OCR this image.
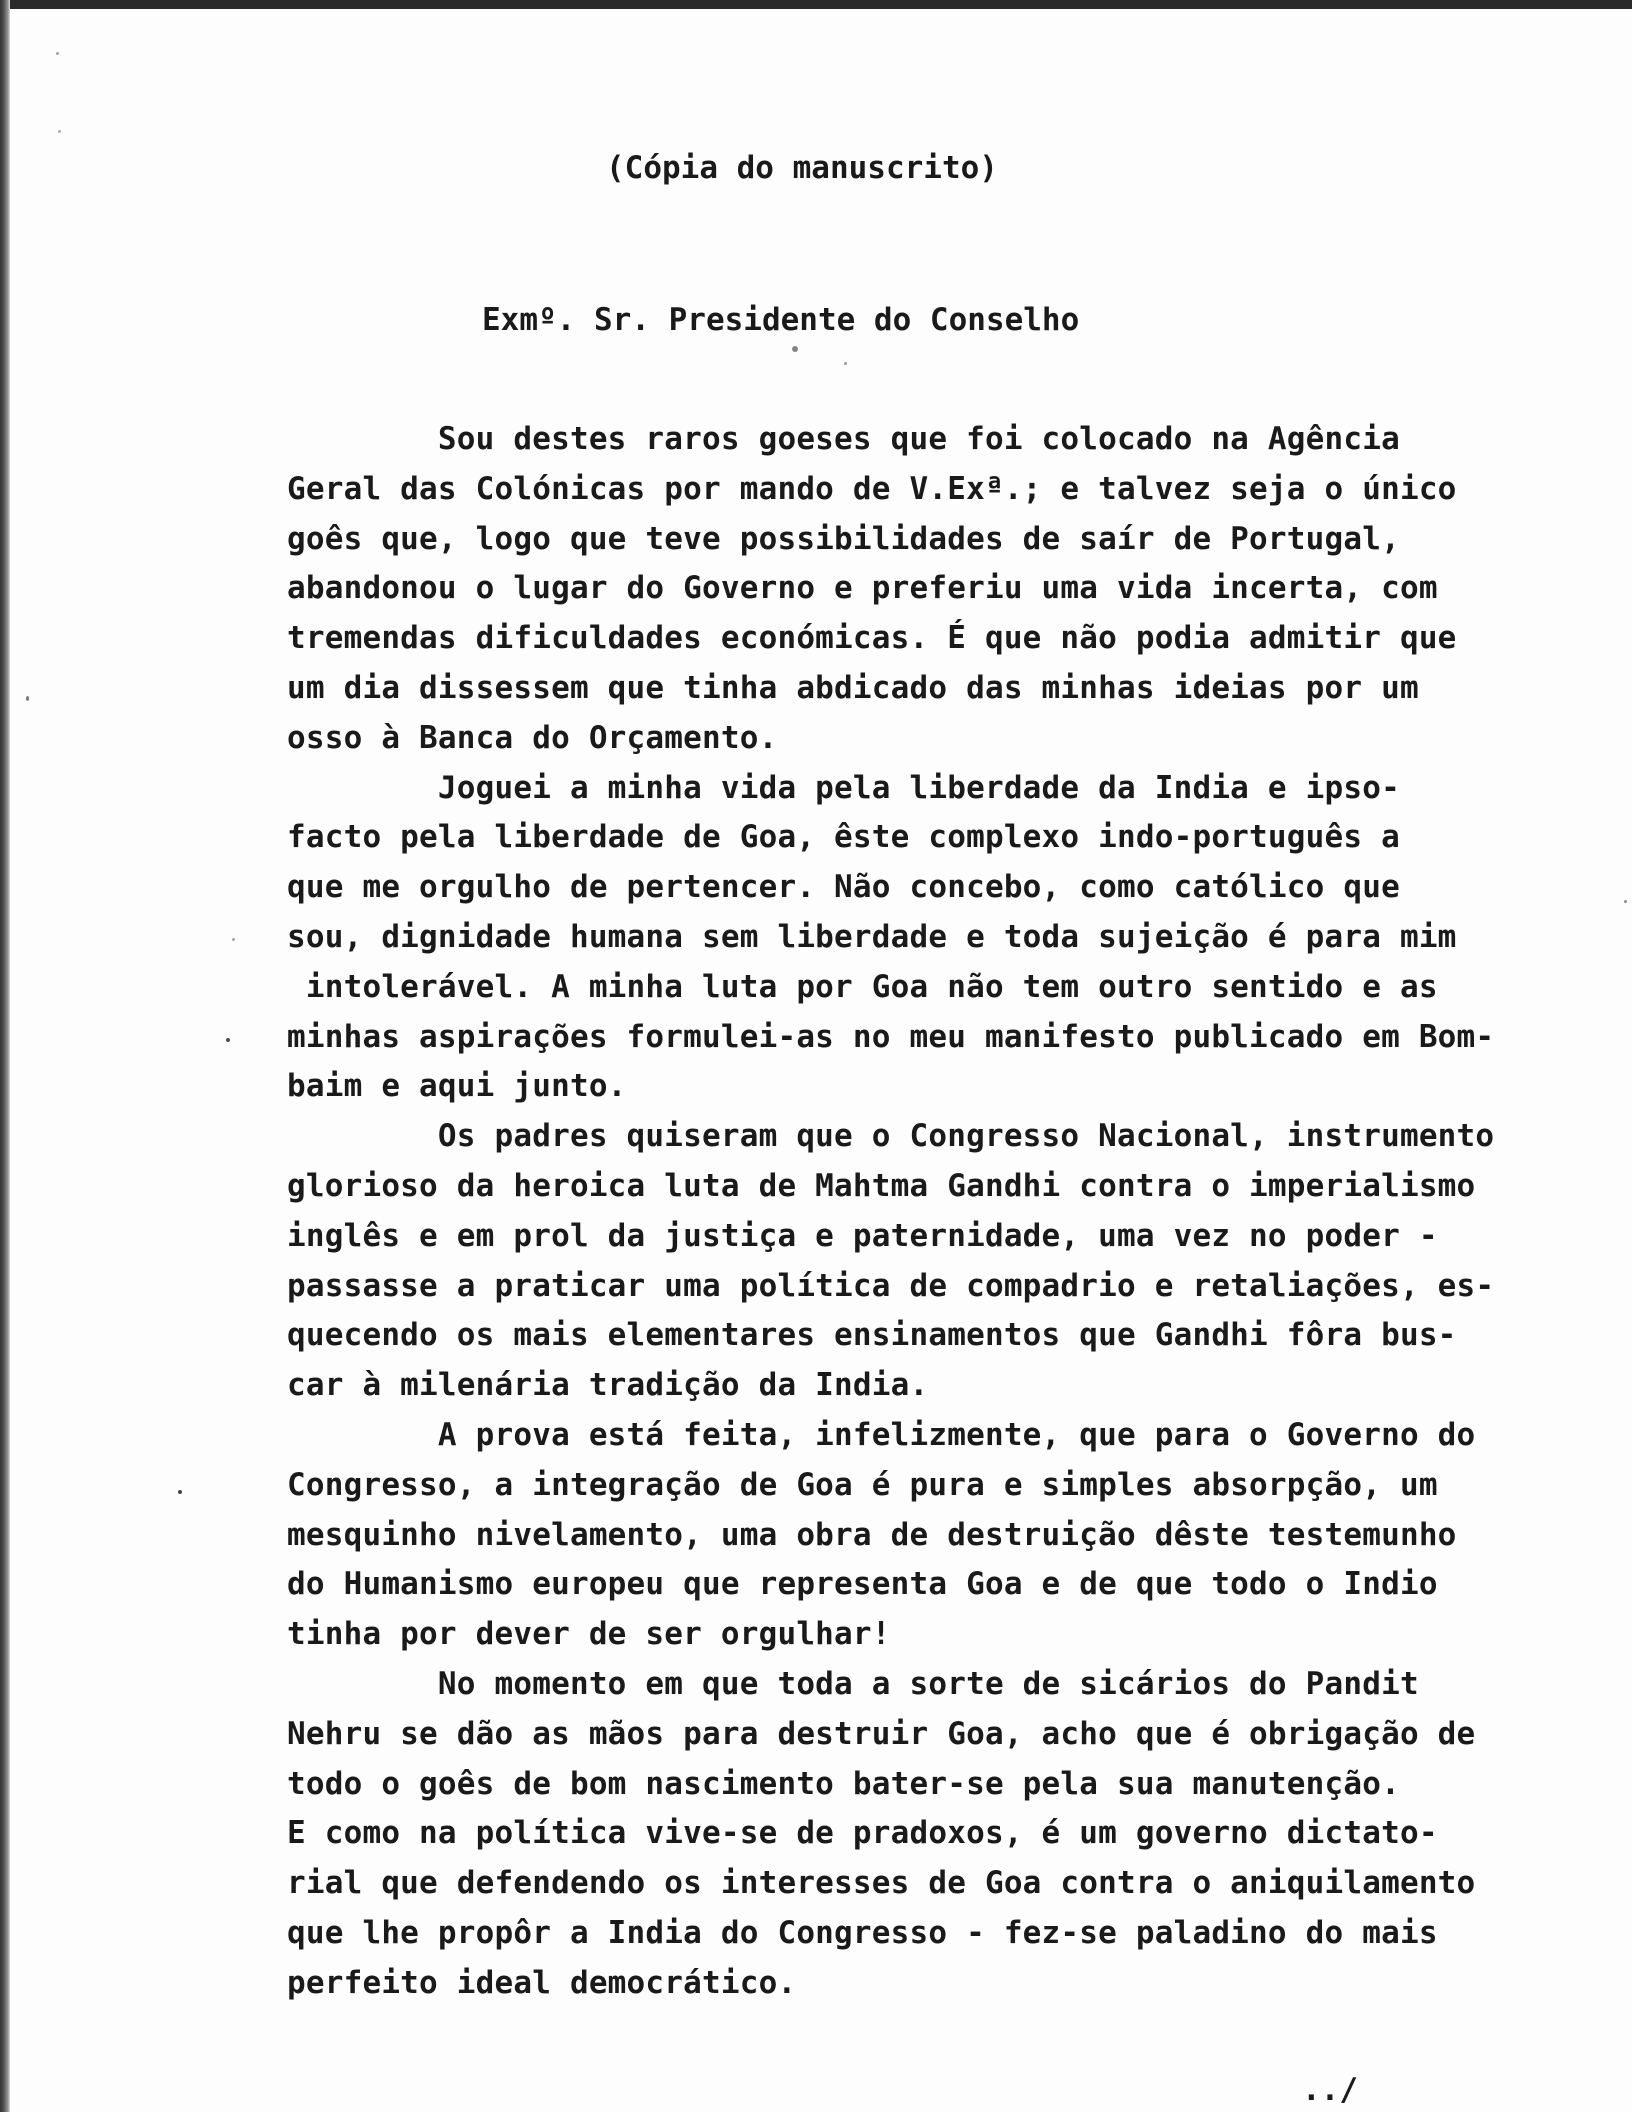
(Cópia do manuscrito)
Exmº. Sr. Presidente do Conselho
Sou destes raros goeses que foi colocado na Agência
Geral das Colónicas por mando de V.Exª.; e talvez seja o único
goês que, logo que teve possibilidades de saír de Portugal,
abandonou o lugar do Governo e preferiu uma vida incerta, com
tremendas dificuldades económicas. É que não podia admitir que
um dia dissessem que tinha abdicado das minhas ideias por um
osso à Banca do Orçamento.
Joguei a minha vida pela liberdade da India e ipso-
facto pela liberdade de Goa, êste complexo indo-português a
que me orgulho de pertencer. Não concebo, como católico que
sou, dignidade humana sem liberdade e toda sujeição é para mim
intolerável. A minha luta por Goa não tem outro sentido e as
minhas aspirações formulei-as no meu manifesto publicado em Bom-
baim e aqui junto.
Os padres quiseram que o Congresso Nacional, instrumento
glorioso da heroica luta de Mahtma Gandhi contra o imperialismo
inglês e em prol da justiça e paternidade, uma vez no poder -
passasse a praticar uma política de compadrio e retaliações, es-
quecendo os mais elementares ensinamentos que Gandhi fôra bus-
car à milenária tradição da India.
A prova está feita, infelizmente, que para o Governo do
Congresso, a integração de Goa é pura e simples absorpção, um
mesquinho nivelamento, uma obra de destruição dêste testemunho
do Humanismo europeu que representa Goa e de que todo o Indio
tinha por dever de ser orgulhar!
No momento em que toda a sorte de sicários do Pandit
Nehru se dão as mãos para destruir Goa, acho que é obrigação de
todo o goês de bom nascimento bater-se pela sua manutenção.
E como na política vive-se de pradoxos, é um governo dictato-
rial que defendendo os interesses de Goa contra o aniquilamento
que lhe propôr a India do Congresso - fez-se paladino do mais
perfeito ideal democrático.
../
